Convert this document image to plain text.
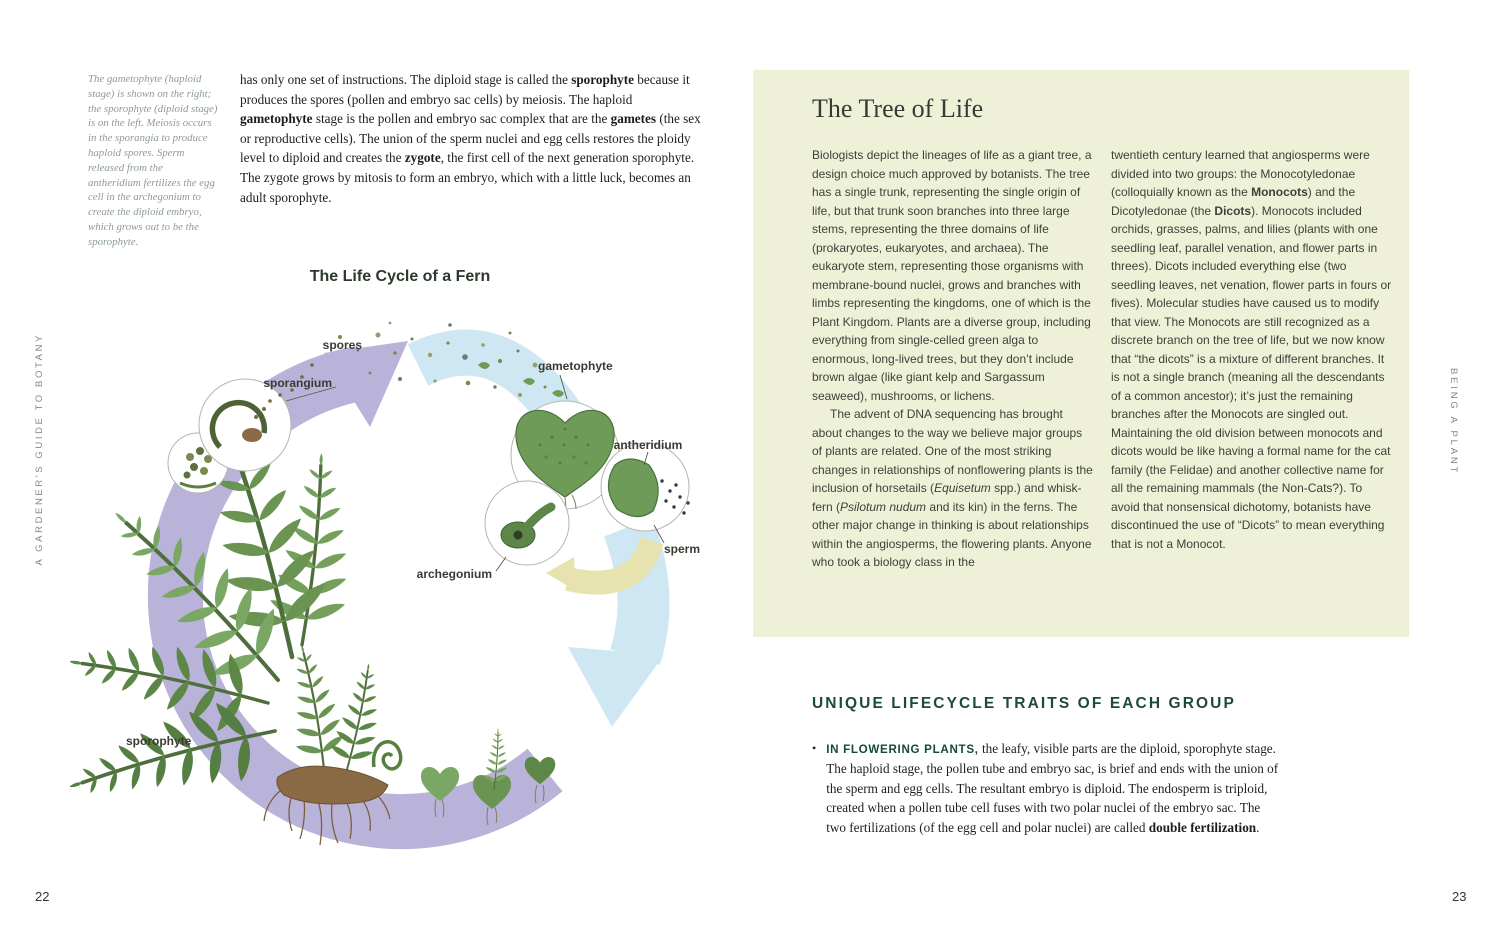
A GARDENER'S GUIDE TO BOTANY
The gametophyte (haploid stage) is shown on the right; the sporophyte (diploid stage) is on the left. Meiosis occurs in the sporangia to produce haploid spores. Sperm released from the antheridium fertilizes the egg cell in the archegonium to create the diploid embryo, which grows out to be the sporophyte.

has only one set of instructions. The diploid stage is called the sporophyte because it produces the spores (pollen and embryo sac cells) by meiosis. The haploid gametophyte stage is the pollen and embryo sac complex that are the gametes (the sex or reproductive cells). The union of the sperm nuclei and egg cells restores the ploidy level to diploid and creates the zygote, the first cell of the next generation sporophyte. The zygote grows by mitosis to form an embryo, which with a little luck, becomes an adult sporophyte.

The Life Cycle of a Fern
spores
sporangium
gametophyte
antheridium
sperm
archegonium
sporophyte
22
The Tree of Life

Biologists depict the lineages of life as a giant tree, a design choice much approved by botanists. The tree has a single trunk, representing the single origin of life, but that trunk soon branches into three large stems, representing the three domains of life (prokaryotes, eukaryotes, and archaea). The eukaryote stem, representing those organisms with membrane-bound nuclei, grows and branches with limbs representing the kingdoms, one of which is the Plant Kingdom. Plants are a diverse group, including everything from single-celled green alga to enormous, long-lived trees, but they don’t include brown algae (like giant kelp and Sargassum seaweed), mushrooms, or lichens.

The advent of DNA sequencing has brought about changes to the way we believe major groups of plants are related. One of the most striking changes in relationships of nonflowering plants is the inclusion of horsetails (Equisetum spp.) and whisk-fern (Psilotum nudum and its kin) in the ferns. The other major change in thinking is about relationships within the angiosperms, the flowering plants. Anyone who took a biology class in the

twentieth century learned that angiosperms were divided into two groups: the Monocotyledonae (colloquially known as the Monocots) and the Dicotyledonae (the Dicots). Monocots included orchids, grasses, palms, and lilies (plants with one seedling leaf, parallel venation, and flower parts in threes). Dicots included everything else (two seedling leaves, net venation, flower parts in fours or fives). Molecular studies have caused us to modify that view. The Monocots are still recognized as a discrete branch on the tree of life, but we now know that “the dicots” is a mixture of different branches. It is not a single branch (meaning all the descendants of a common ancestor); it’s just the remaining branches after the Monocots are singled out. Maintaining the old division between monocots and dicots would be like having a formal name for the cat family (the Felidae) and another collective name for all the remaining mammals (the Non-Cats?). To avoid that nonsensical dichotomy, botanists have discontinued the use of “Dicots” to mean everything that is not a Monocot.

UNIQUE LIFECYCLE TRAITS OF EACH GROUP
• IN FLOWERING PLANTS, the leafy, visible parts are the diploid, sporophyte stage. The haploid stage, the pollen tube and embryo sac, is brief and ends with the union of the sperm and egg cells. The resultant embryo is diploid. The endosperm is triploid, created when a pollen tube cell fuses with two polar nuclei of the embryo sac. The two fertilizations (of the egg cell and polar nuclei) are called double fertilization.

BEING A PLANT
23
